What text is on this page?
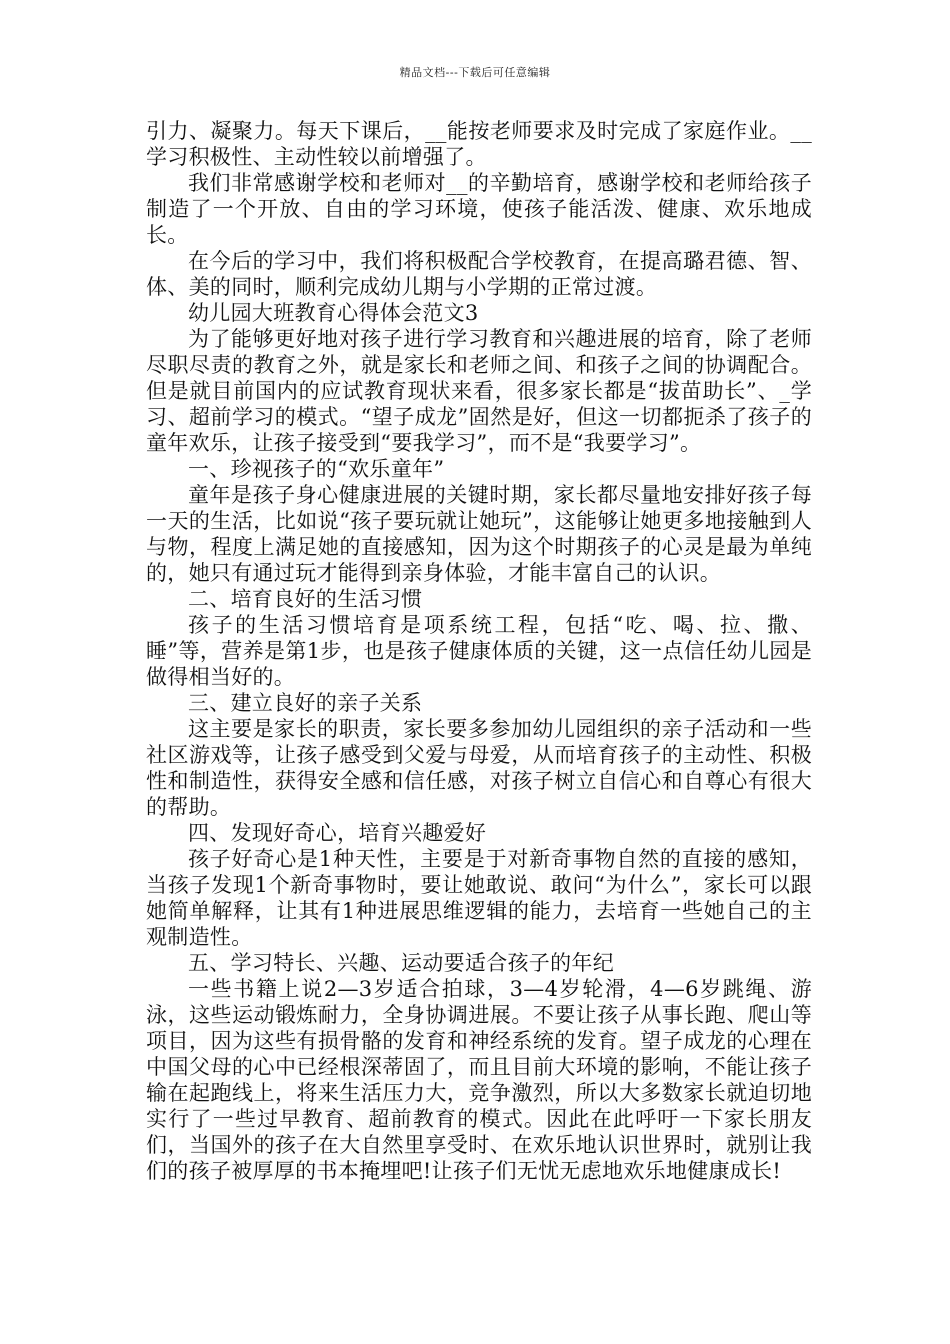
精品文档---下载后可任意编辑

引力、凝聚力。每天下课后，__能按老师要求及时完成了家庭作业。__学习积极性、主动性较以前增强了。

我们非常感谢学校和老师对__的辛勤培育，感谢学校和老师给孩子制造了一个开放、自由的学习环境，使孩子能活泼、健康、欢乐地成长。

在今后的学习中，我们将积极配合学校教育，在提高璐君德、智、体、美的同时，顺利完成幼儿期与小学期的正常过渡。

幼儿园大班教育心得体会范文3

为了能够更好地对孩子进行学习教育和兴趣进展的培育，除了老师尽职尽责的教育之外，就是家长和老师之间、和孩子之间的协调配合。但是就目前国内的应试教育现状来看，很多家长都是“拔苗助长”、_学习、超前学习的模式。“望子成龙”固然是好，但这一切都扼杀了孩子的童年欢乐，让孩子接受到“要我学习”，而不是“我要学习”。

一、珍视孩子的“欢乐童年”

童年是孩子身心健康进展的关键时期，家长都尽量地安排好孩子每一天的生活，比如说“孩子要玩就让她玩”，这能够让她更多地接触到人与物，程度上满足她的直接感知，因为这个时期孩子的心灵是最为单纯的，她只有通过玩才能得到亲身体验，才能丰富自己的认识。

二、培育良好的生活习惯

孩子的生活习惯培育是项系统工程，包括“吃、喝、拉、撒、睡”等，营养是第1步，也是孩子健康体质的关键，这一点信任幼儿园是做得相当好的。

三、建立良好的亲子关系

这主要是家长的职责，家长要多参加幼儿园组织的亲子活动和一些社区游戏等，让孩子感受到父爱与母爱，从而培育孩子的主动性、积极性和制造性，获得安全感和信任感，对孩子树立自信心和自尊心有很大的帮助。

四、发现好奇心，培育兴趣爱好

孩子好奇心是1种天性，主要是于对新奇事物自然的直接的感知，当孩子发现1个新奇事物时，要让她敢说、敢问“为什么”，家长可以跟她简单解释，让其有1种进展思维逻辑的能力，去培育一些她自己的主观制造性。

五、学习特长、兴趣、运动要适合孩子的年纪

一些书籍上说2—3岁适合拍球，3—4岁轮滑，4—6岁跳绳、游泳，这些运动锻炼耐力，全身协调进展。不要让孩子从事长跑、爬山等项目，因为这些有损骨骼的发育和神经系统的发育。望子成龙的心理在中国父母的心中已经根深蒂固了，而且目前大环境的影响，不能让孩子输在起跑线上，将来生活压力大，竞争激烈，所以大多数家长就迫切地实行了一些过早教育、超前教育的模式。因此在此呼吁一下家长朋友们，当国外的孩子在大自然里享受时、在欢乐地认识世界时，就别让我们的孩子被厚厚的书本掩埋吧!让孩子们无忧无虑地欢乐地健康成长!
